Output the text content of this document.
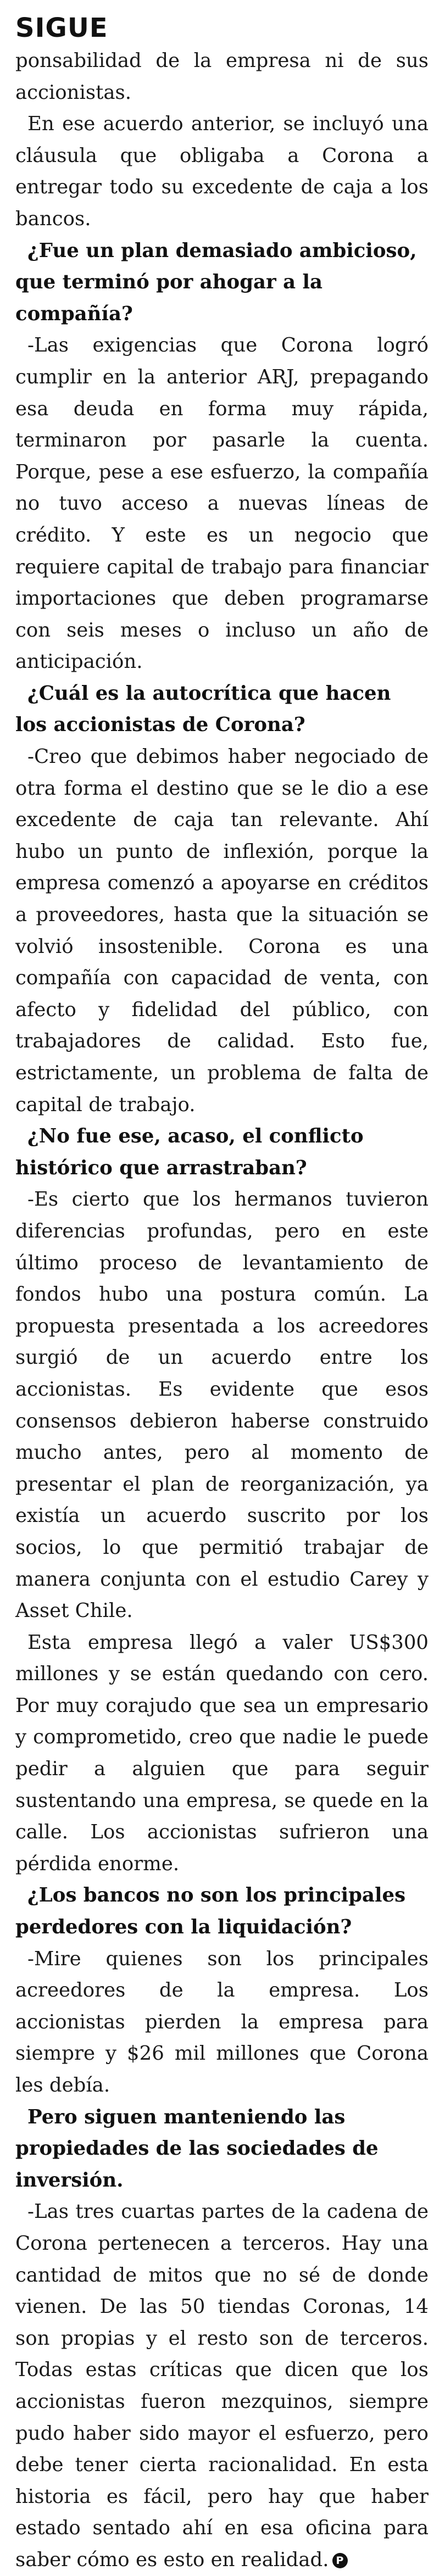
SIGUE

ponsabilidad de la empresa ni de sus accionistas.

En ese acuerdo anterior, se incluyó una cláusula que obligaba a Corona a entregar todo su excedente de caja a los bancos.

¿Fue un plan demasiado ambicioso, que terminó por ahogar a la compañía?

-Las exigencias que Corona logró cumplir en la anterior ARJ, prepagando esa deuda en forma muy rápida, terminaron por pasarle la cuenta. Porque, pese a ese esfuerzo, la compañía no tuvo acceso a nuevas líneas de crédito. Y este es un negocio que requiere capital de trabajo para financiar importaciones que deben programarse con seis meses o incluso un año de anticipación.

¿Cuál es la autocrítica que hacen los accionistas de Corona?

-Creo que debimos haber negociado de otra forma el destino que se le dio a ese excedente de caja tan relevante. Ahí hubo un punto de inflexión, porque la empresa comenzó a apoyarse en créditos a proveedores, hasta que la situación se volvió insostenible. Corona es una compañía con capacidad de venta, con afecto y fidelidad del público, con trabajadores de calidad. Esto fue, estrictamente, un problema de falta de capital de trabajo.

¿No fue ese, acaso, el conflicto histórico que arrastraban?

-Es cierto que los hermanos tuvieron diferencias profundas, pero en este último proceso de levantamiento de fondos hubo una postura común. La propuesta presentada a los acreedores surgió de un acuerdo entre los accionistas. Es evidente que esos consensos debieron haberse construido mucho antes, pero al momento de presentar el plan de reorganización, ya existía un acuerdo suscrito por los socios, lo que permitió trabajar de manera conjunta con el estudio Carey y Asset Chile.

Esta empresa llegó a valer US$300 millones y se están quedando con cero. Por muy corajudo que sea un empresario y comprometido, creo que nadie le puede pedir a alguien que para seguir sustentando una empresa, se quede en la calle. Los accionistas sufrieron una pérdida enorme.

¿Los bancos no son los principales perdedores con la liquidación?

-Mire quienes son los principales acreedores de la empresa. Los accionistas pierden la empresa para siempre y $26 mil millones que Corona les debía.

Pero siguen manteniendo las propiedades de las sociedades de inversión.

-Las tres cuartas partes de la cadena de Corona pertenecen a terceros. Hay una cantidad de mitos que no sé de donde vienen. De las 50 tiendas Coronas, 14 son propias y el resto son de terceros. Todas estas críticas que dicen que los accionistas fueron mezquinos, siempre pudo haber sido mayor el esfuerzo, pero debe tener cierta racionalidad. En esta historia es fácil, pero hay que haber estado sentado ahí en esa oficina para saber cómo es esto en realidad. P
